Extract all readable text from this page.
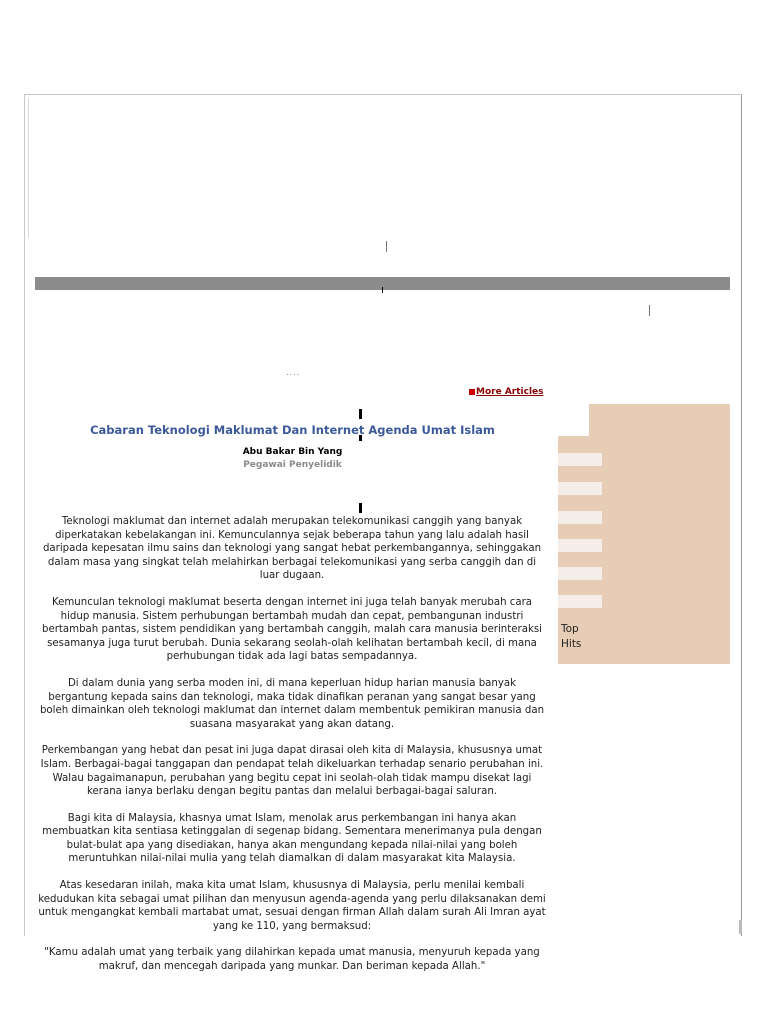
....
More Articles
Cabaran Teknologi Maklumat Dan Internet Agenda Umat Islam
Abu Bakar Bin Yang
Pegawai Penyelidik

Teknologi maklumat dan internet adalah merupakan telekomunikasi canggih yang banyak diperkatakan kebelakangan ini. Kemunculannya sejak beberapa tahun yang lalu adalah hasil daripada kepesatan ilmu sains dan teknologi yang sangat hebat perkembangannya, sehinggakan dalam masa yang singkat telah melahirkan berbagai telekomunikasi yang serba canggih dan di luar dugaan.

Kemunculan teknologi maklumat beserta dengan internet ini juga telah banyak merubah cara hidup manusia. Sistem perhubungan bertambah mudah dan cepat, pembangunan industri bertambah pantas, sistem pendidikan yang bertambah canggih, malah cara manusia berinteraksi sesamanya juga turut berubah. Dunia sekarang seolah-olah kelihatan bertambah kecil, di mana perhubungan tidak ada lagi batas sempadannya.

Di dalam dunia yang serba moden ini, di mana keperluan hidup harian manusia banyak bergantung kepada sains dan teknologi, maka tidak dinafikan peranan yang sangat besar yang boleh dimainkan oleh teknologi maklumat dan internet dalam membentuk pemikiran manusia dan suasana masyarakat yang akan datang.

Perkembangan yang hebat dan pesat ini juga dapat dirasai oleh kita di Malaysia, khususnya umat Islam. Berbagai-bagai tanggapan dan pendapat telah dikeluarkan terhadap senario perubahan ini. Walau bagaimanapun, perubahan yang begitu cepat ini seolah-olah tidak mampu disekat lagi kerana ianya berlaku dengan begitu pantas dan melalui berbagai-bagai saluran.

Bagi kita di Malaysia, khasnya umat Islam, menolak arus perkembangan ini hanya akan membuatkan kita sentiasa ketinggalan di segenap bidang. Sementara menerimanya pula dengan bulat-bulat apa yang disediakan, hanya akan mengundang kepada nilai-nilai yang boleh meruntuhkan nilai-nilai mulia yang telah diamalkan di dalam masyarakat kita Malaysia.

Atas kesedaran inilah, maka kita umat Islam, khususnya di Malaysia, perlu menilai kembali kedudukan kita sebagai umat pilihan dan menyusun agenda-agenda yang perlu dilaksanakan demi untuk mengangkat kembali martabat umat, sesuai dengan firman Allah dalam surah Ali Imran ayat yang ke 110, yang bermaksud:

"Kamu adalah umat yang terbaik yang dilahirkan kepada umat manusia, menyuruh kepada yang makruf, dan mencegah daripada yang munkar. Dan beriman kepada Allah."

Top
Hits
